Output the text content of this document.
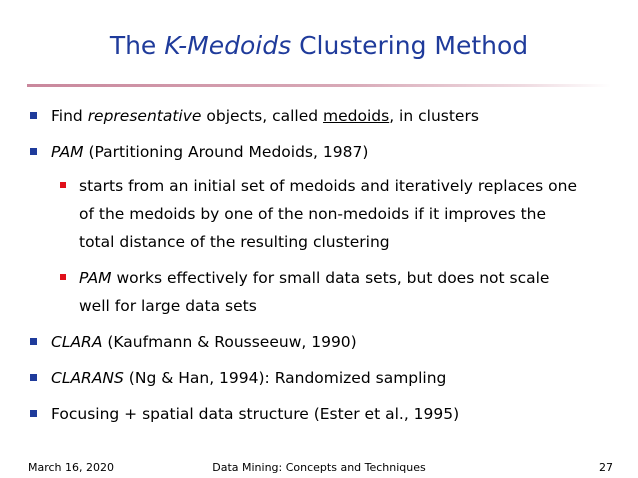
The K-Medoids Clustering Method
Find representative objects, called medoids, in clusters
PAM (Partitioning Around Medoids, 1987)
starts from an initial set of medoids and iteratively replaces one
of the medoids by one of the non-medoids if it improves the
total distance of the resulting clustering
PAM works effectively for small data sets, but does not scale
well for large data sets
CLARA (Kaufmann & Rousseeuw, 1990)
CLARANS (Ng & Han, 1994): Randomized sampling
Focusing + spatial data structure (Ester et al., 1995)
March 16, 2020	Data Mining: Concepts and Techniques	27
